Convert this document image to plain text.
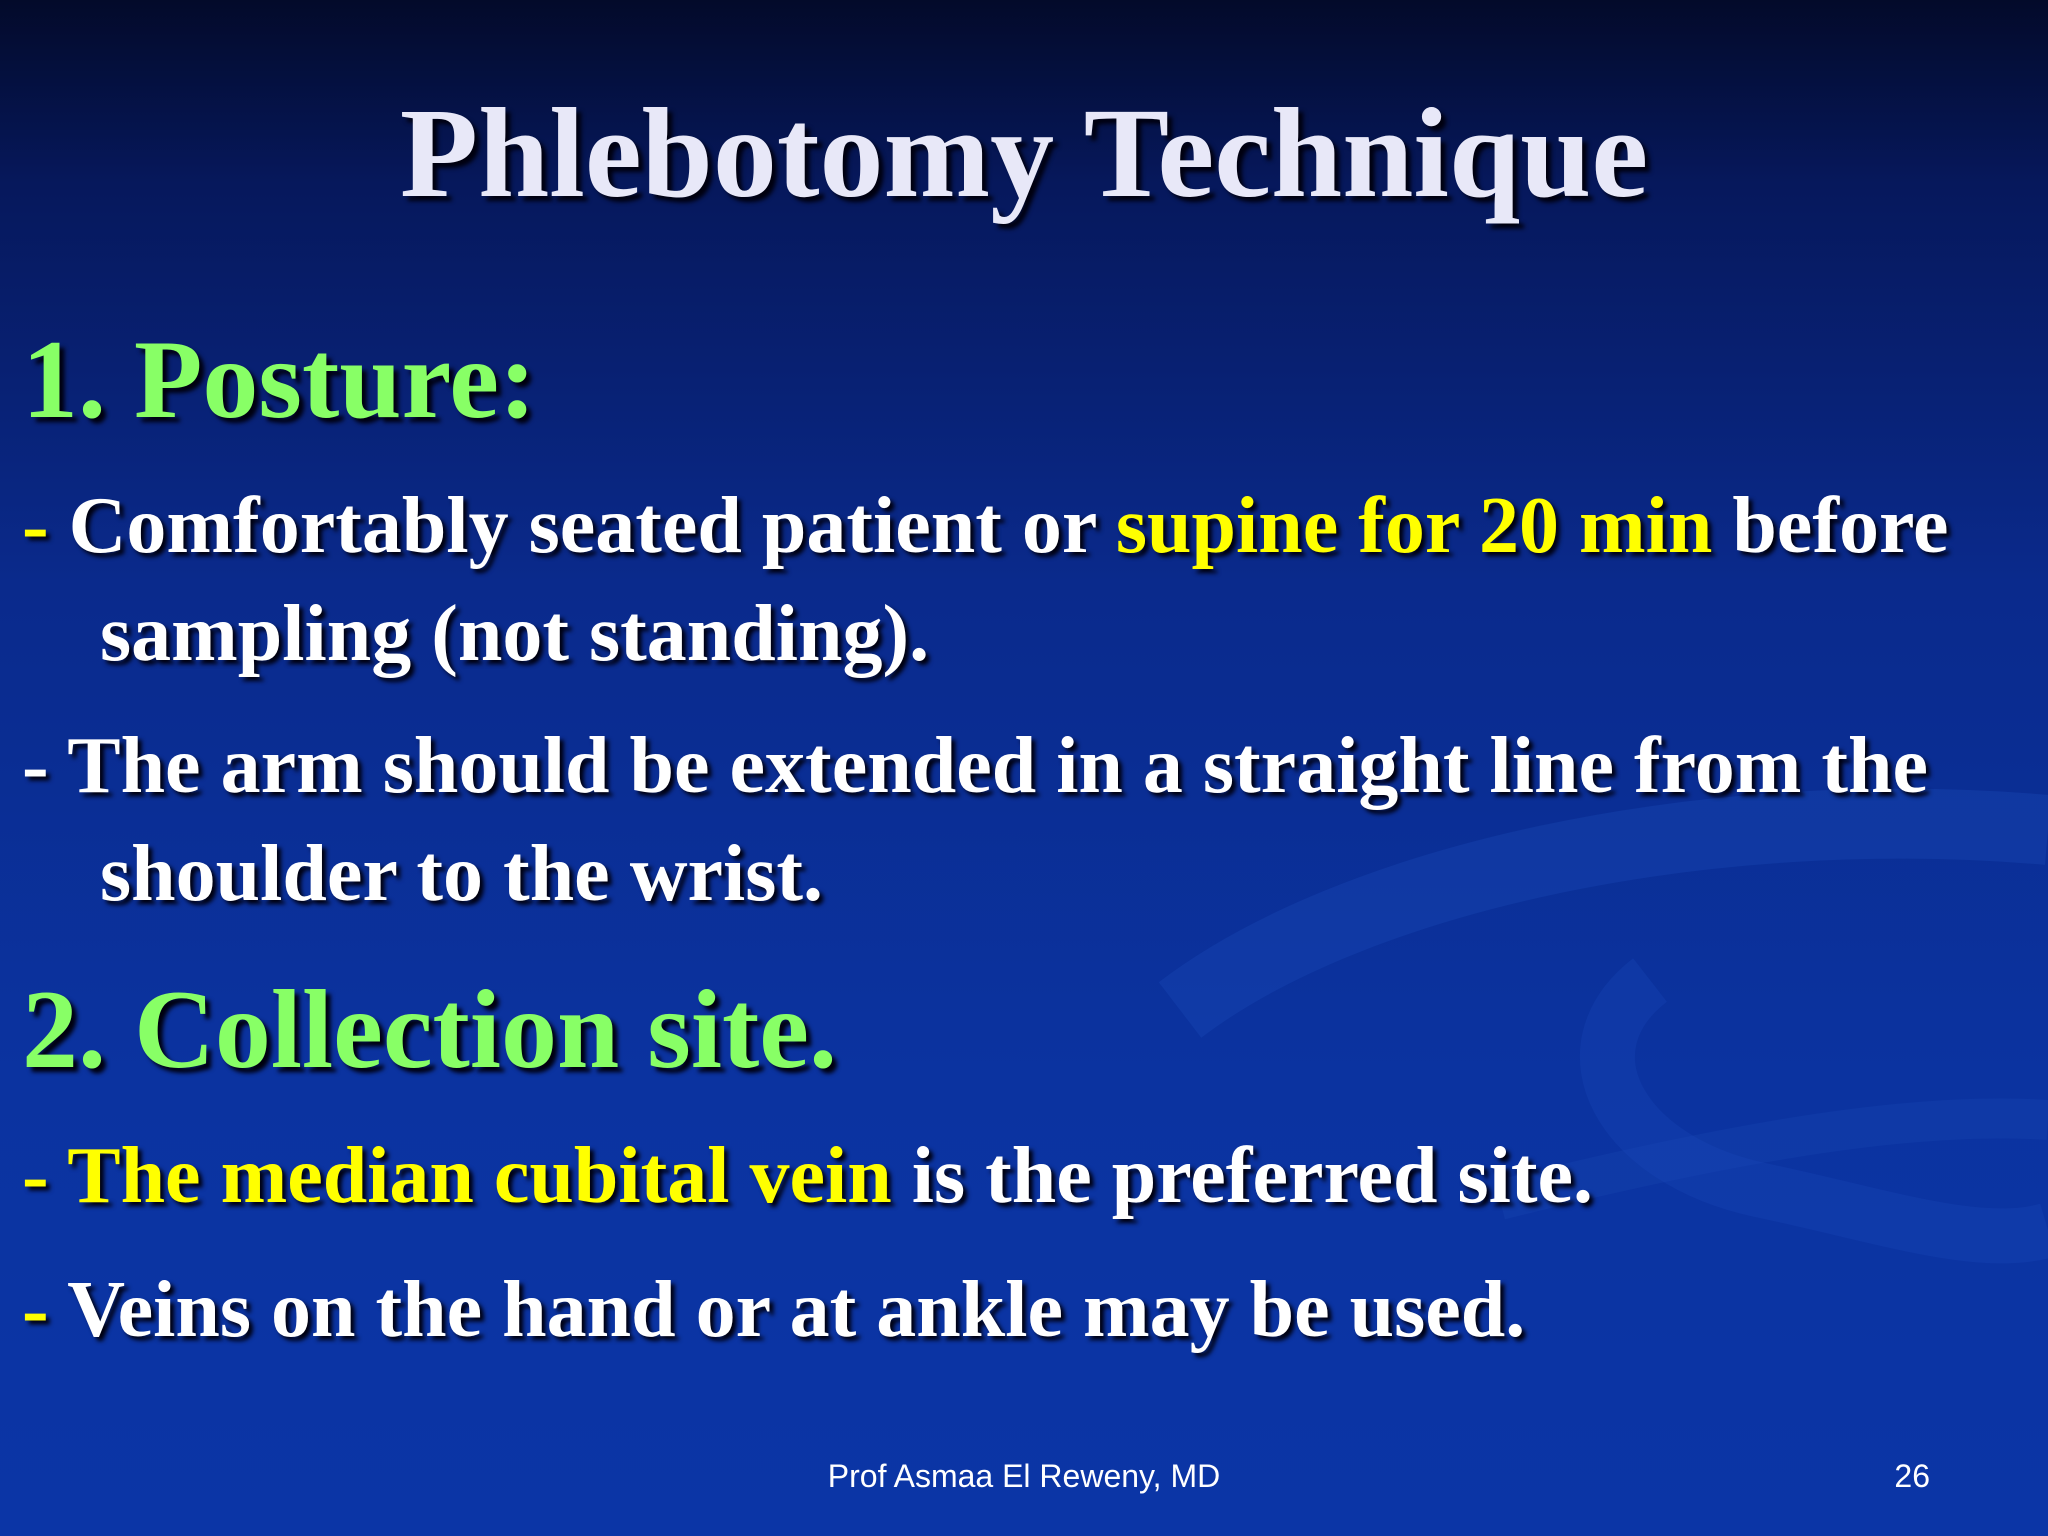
Phlebotomy Technique
1. Posture:
- Comfortably seated patient or supine for 20 min before sampling (not standing).
- The arm should be extended in a straight line from the shoulder to the wrist.
2. Collection site.
- The median cubital vein is the preferred site.
- Veins on the hand or at ankle may be used.
Prof Asmaa El Reweny, MD	26
